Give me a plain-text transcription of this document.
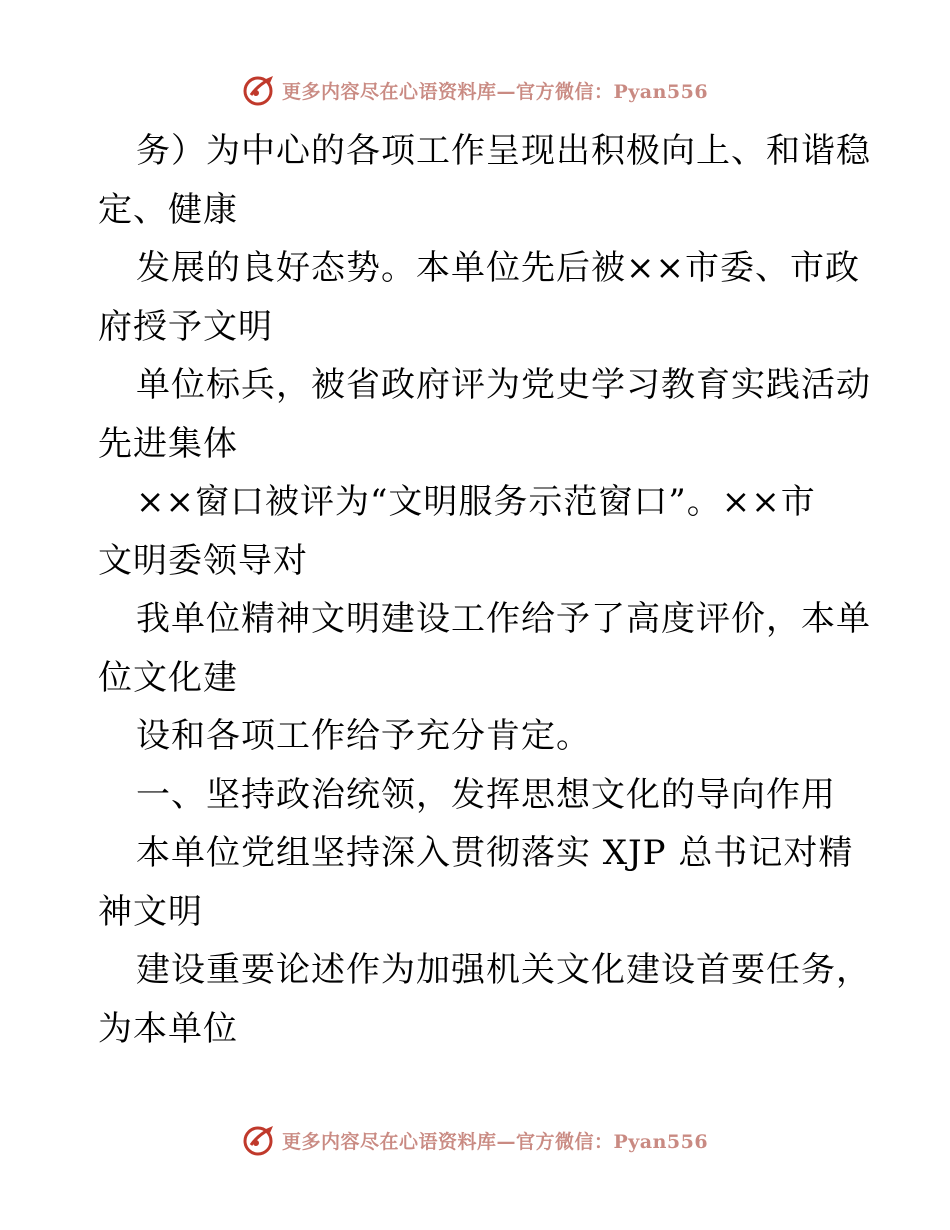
更多内容尽在心语资料库—官方微信：Pyan556
务）为中心的各项工作呈现出积极向上、和谐稳
定、健康
发展的良好态势。本单位先后被××市委、市政
府授予文明
单位标兵，被省政府评为党史学习教育实践活动
先进集体
××窗口被评为“文明服务示范窗口”。××市
文明委领导对
我单位精神文明建设工作给予了高度评价，本单
位文化建
设和各项工作给予充分肯定。
一、坚持政治统领，发挥思想文化的导向作用
本单位党组坚持深入贯彻落实 XJP 总书记对精
神文明
建设重要论述作为加强机关文化建设首要任务，
为本单位
更多内容尽在心语资料库—官方微信：Pyan556
